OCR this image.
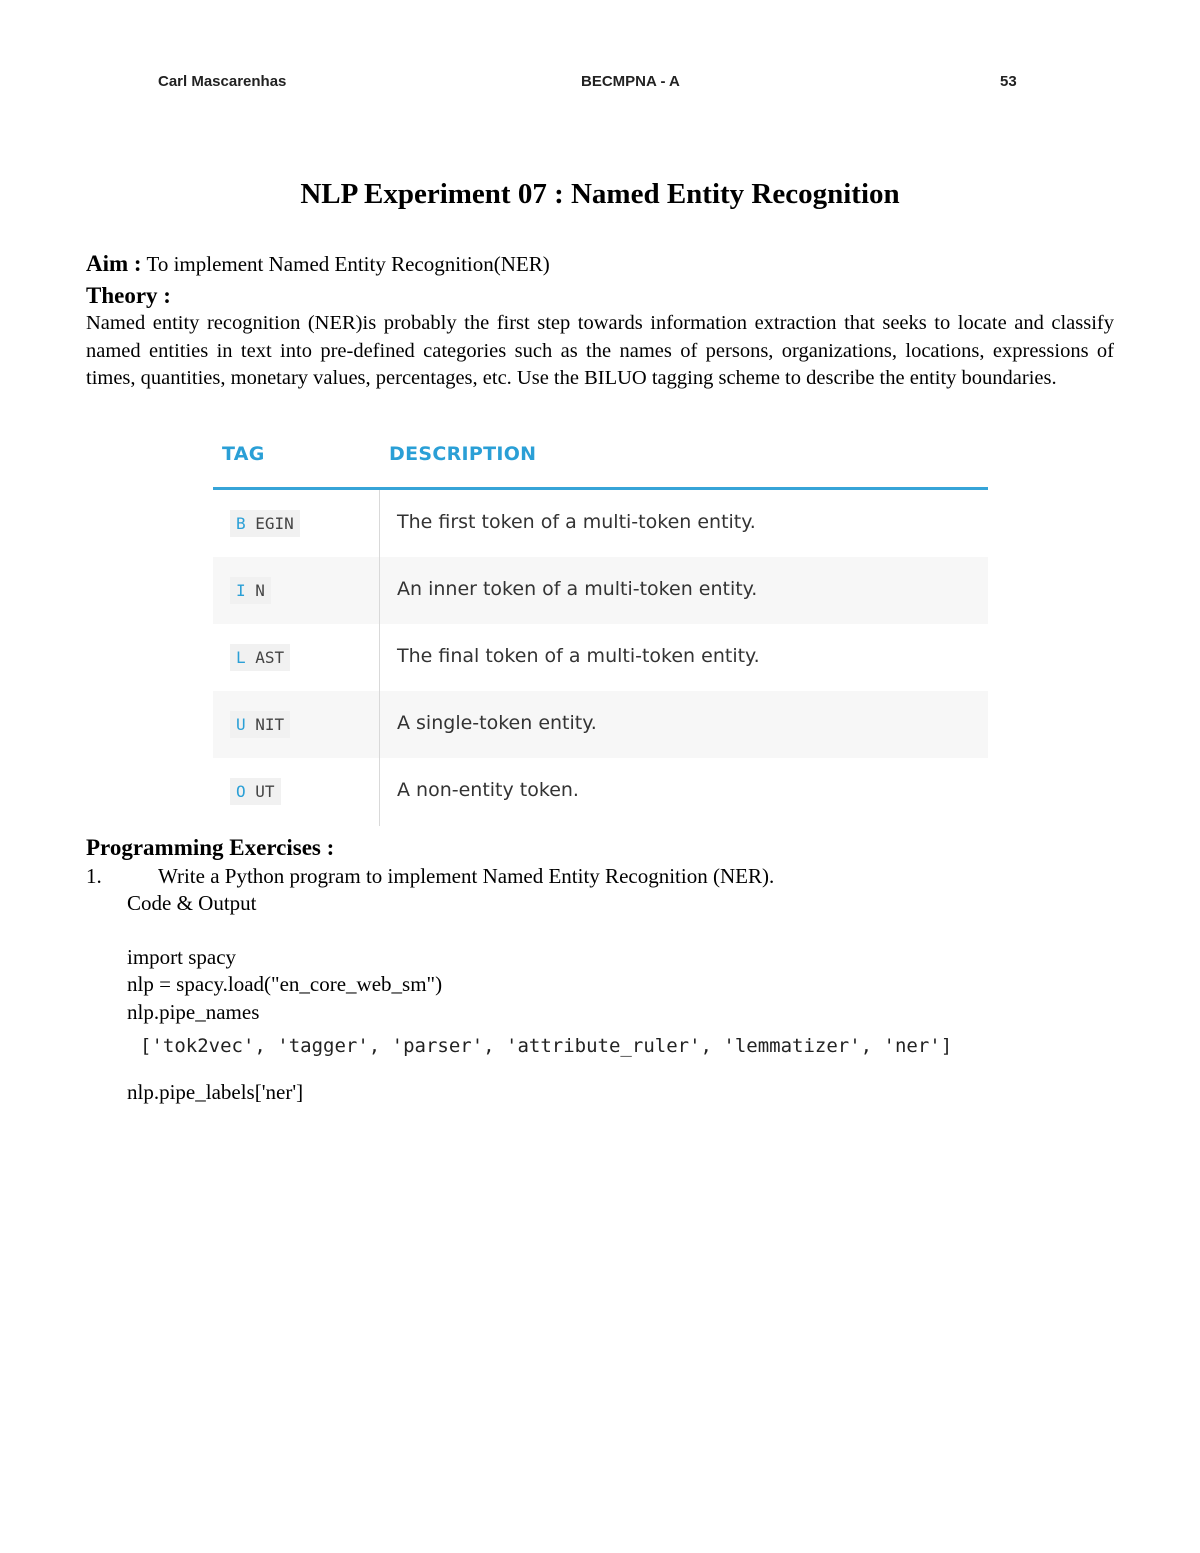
Carl Mascarenhas	BECMPNA - A	53
NLP Experiment 07 : Named Entity Recognition
Aim : To implement Named Entity Recognition(NER)
Theory :
Named entity recognition (NER)is probably the first step towards information extraction that seeks to locate and classify named entities in text into pre-defined categories such as the names of persons, organizations, locations, expressions of times, quantities, monetary values, percentages, etc. Use the BILUO tagging scheme to describe the entity boundaries.
TAG	DESCRIPTION
B EGIN	The first token of a multi-token entity.
I N	An inner token of a multi-token entity.
L AST	The final token of a multi-token entity.
U NIT	A single-token entity.
O UT	A non-entity token.
Programming Exercises :
1.	Write a Python program to implement Named Entity Recognition (NER).
Code & Output
import spacy
nlp = spacy.load("en_core_web_sm")
nlp.pipe_names
['tok2vec', 'tagger', 'parser', 'attribute_ruler', 'lemmatizer', 'ner']
nlp.pipe_labels['ner']
